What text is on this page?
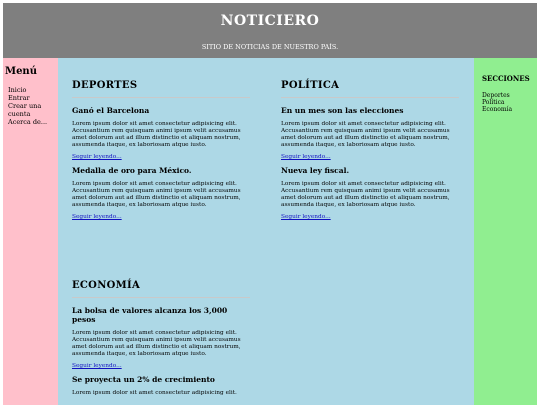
NOTICIERO
SITIO DE NOTICIAS DE NUESTRO PAÍS.
Menú
Inicio
Entrar
Crear una cuenta
Acerca de...
DEPORTES
Ganó el Barcelona

Lorem ipsum dolor sit amet consectetur adipisicing elit. Accusantium rem quisquam animi ipsum velit accusamus amet dolorum aut ad illum distinctio et aliquam nostrum, assumenda itaque, ex laboriosam atque iusto.

Seguir leyendo...
Medalla de oro para México.

Lorem ipsum dolor sit amet consectetur adipisicing elit. Accusantium rem quisquam animi ipsum velit accusamus amet dolorum aut ad illum distinctio et aliquam nostrum, assumenda itaque, ex laboriosam atque iusto.

Seguir leyendo...
POLÍTICA
En un mes son las elecciones

Lorem ipsum dolor sit amet consectetur adipisicing elit. Accusantium rem quisquam animi ipsum velit accusamus amet dolorum aut ad illum distinctio et aliquam nostrum, assumenda itaque, ex laboriosam atque iusto.

Seguir leyendo...
Nueva ley fiscal.

Lorem ipsum dolor sit amet consectetur adipisicing elit. Accusantium rem quisquam animi ipsum velit accusamus amet dolorum aut ad illum distinctio et aliquam nostrum, assumenda itaque, ex laboriosam atque iusto.

Seguir leyendo...
ECONOMÍA
La bolsa de valores alcanza los 3,000 pesos

Lorem ipsum dolor sit amet consectetur adipisicing elit. Accusantium rem quisquam animi ipsum velit accusamus amet dolorum aut ad illum distinctio et aliquam nostrum, assumenda itaque, ex laboriosam atque iusto.

Seguir leyendo...
Se proyecta un 2% de crecimiento

Lorem ipsum dolor sit amet consectetur adipisicing elit.

SECCIONES
Deportes
Política
Economía
